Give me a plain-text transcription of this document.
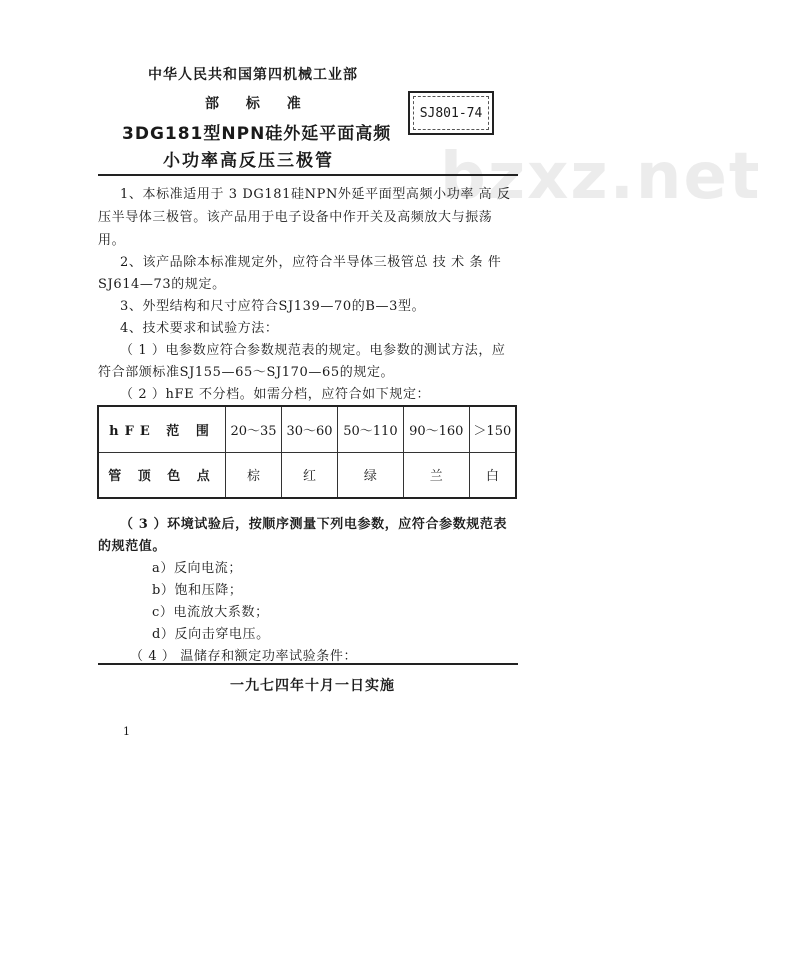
bzxz.net
中华人民共和国第四机械工业部
部 标 准
SJ801-74
3DG181型NPN硅外延平面高频
小功率高反压三极管
1、本标准适用于 3 DG181硅NPN外延平面型高频小功率 高 反
压半导体三极管。该产品用于电子设备中作开关及高频放大与振荡
用。
2、该产品除本标准规定外，应符合半导体三极管总 技 术 条 件
SJ614—73的规定。
3、外型结构和尺寸应符合SJ139—70的B—3型。
4、技术要求和试验方法：
（ 1 ）电参数应符合参数规范表的规定。电参数的测试方法，应
符合部颁标准SJ155—65～SJ170—65的规定。
（ 2 ）hFE 不分档。如需分档，应符合如下规定：
hFE 范 围	20～35	30～60	50～110	90～160	＞150
管 顶 色 点	棕	红	绿	兰	白
（ 3 ）环境试验后，按顺序测量下列电参数，应符合参数规范表
的规范值。
a）反向电流；
b）饱和压降；
c）电流放大系数；
d）反向击穿电压。
（ 4 ） 温储存和额定功率试验条件：
一九七四年十月一日实施
1
